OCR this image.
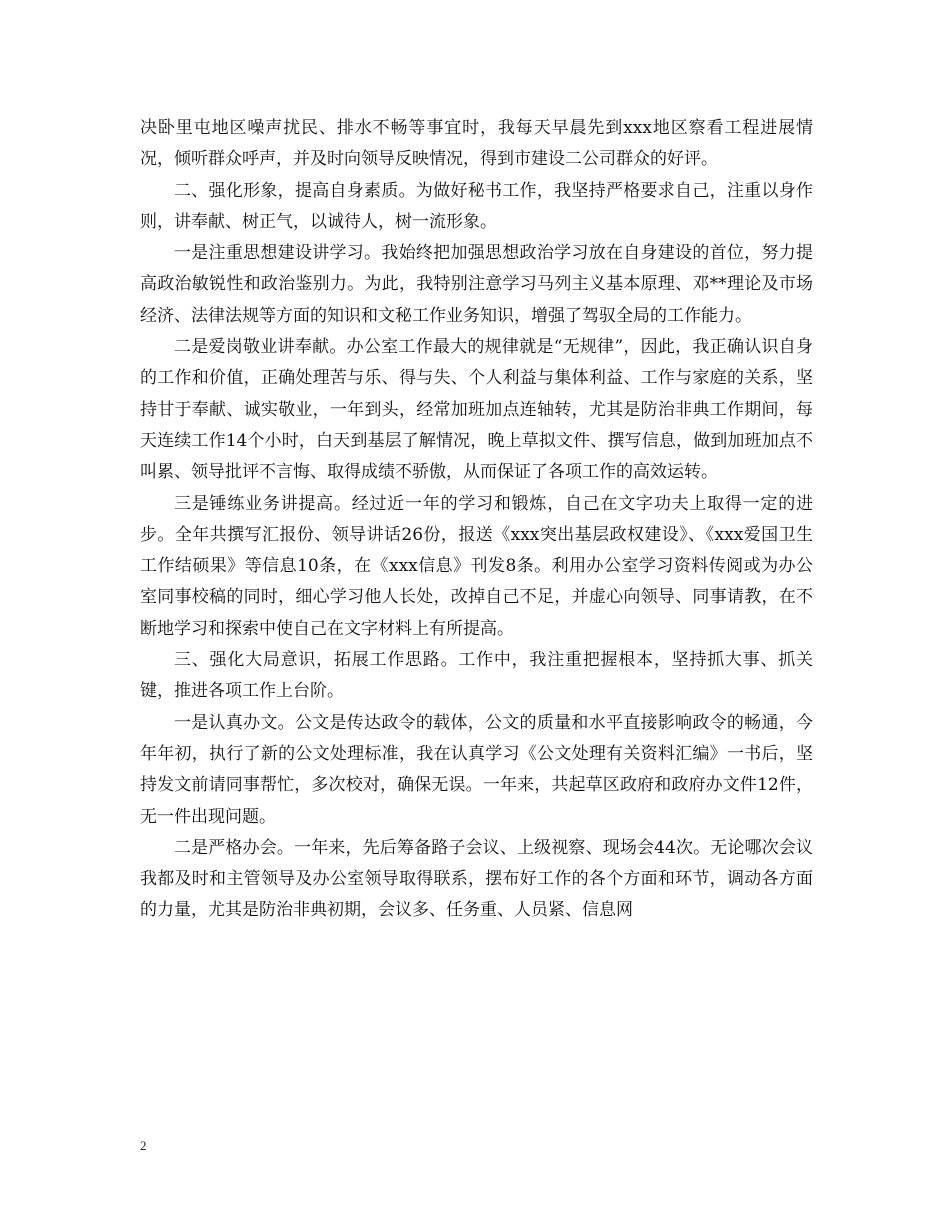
决卧里屯地区噪声扰民、排水不畅等事宜时，我每天早晨先到xxx地区察看工程进展情况，倾听群众呼声，并及时向领导反映情况，得到市建设二公司群众的好评。

二、强化形象，提高自身素质。为做好秘书工作，我坚持严格要求自己，注重以身作则，讲奉献、树正气，以诚待人，树一流形象。

一是注重思想建设讲学习。我始终把加强思想政治学习放在自身建设的首位，努力提高政治敏锐性和政治鉴别力。为此，我特别注意学习马列主义基本原理、邓**理论及市场经济、法律法规等方面的知识和文秘工作业务知识，增强了驾驭全局的工作能力。

二是爱岗敬业讲奉献。办公室工作最大的规律就是“无规律”，因此，我正确认识自身的工作和价值，正确处理苦与乐、得与失、个人利益与集体利益、工作与家庭的关系，坚持甘于奉献、诚实敬业，一年到头，经常加班加点连轴转，尤其是防治非典工作期间，每天连续工作14个小时，白天到基层了解情况，晚上草拟文件、撰写信息，做到加班加点不叫累、领导批评不言悔、取得成绩不骄傲，从而保证了各项工作的高效运转。

三是锤练业务讲提高。经过近一年的学习和锻炼，自己在文字功夫上取得一定的进步。全年共撰写汇报份、领导讲话26份，报送《xxx突出基层政权建设》、《xxx爱国卫生工作结硕果》等信息10条，在《xxx信息》刊发8条。利用办公室学习资料传阅或为办公室同事校稿的同时，细心学习他人长处，改掉自己不足，并虚心向领导、同事请教，在不断地学习和探索中使自己在文字材料上有所提高。

三、强化大局意识，拓展工作思路。工作中，我注重把握根本，坚持抓大事、抓关键，推进各项工作上台阶。

一是认真办文。公文是传达政令的载体，公文的质量和水平直接影响政令的畅通，今年年初，执行了新的公文处理标准，我在认真学习《公文处理有关资料汇编》一书后，坚持发文前请同事帮忙，多次校对，确保无误。一年来，共起草区政府和政府办文件12件，无一件出现问题。

二是严格办会。一年来，先后筹备路子会议、上级视察、现场会44次。无论哪次会议我都及时和主管领导及办公室领导取得联系，摆布好工作的各个方面和环节，调动各方面的力量，尤其是防治非典初期，会议多、任务重、人员紧、信息网

2
